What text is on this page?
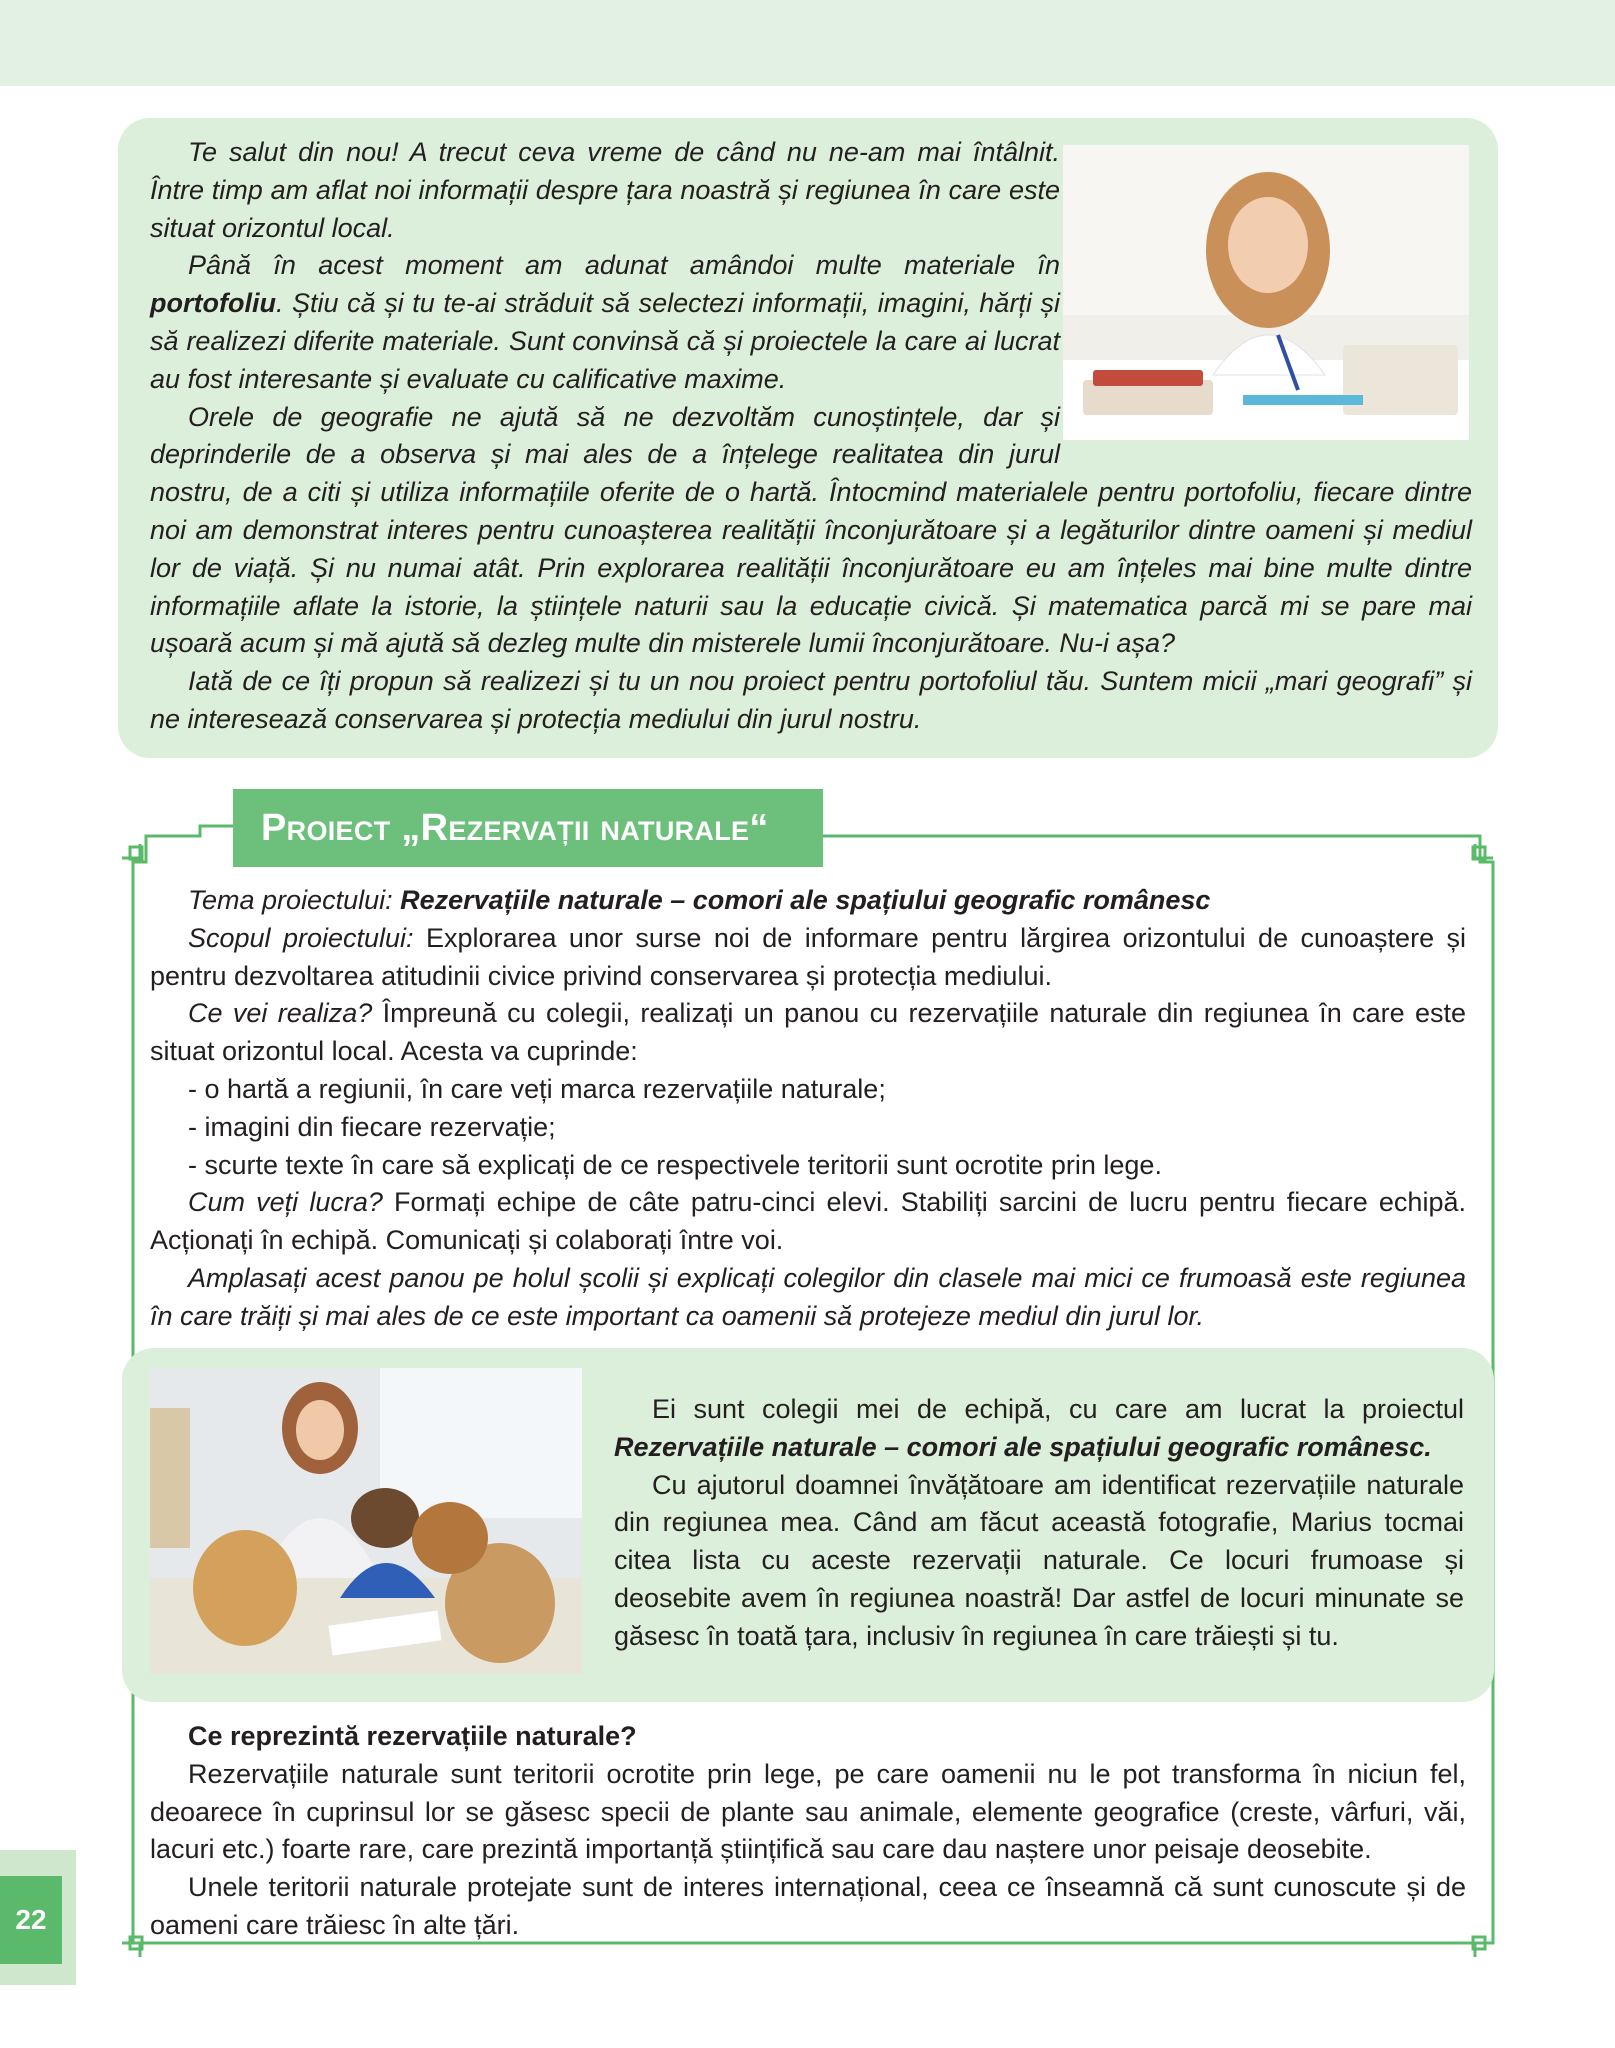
Te salut din nou! A trecut ceva vreme de când nu ne-am mai întâlnit. Între timp am aflat noi informații despre țara noastră și regiunea în care este situat orizontul local.

Până în acest moment am adunat amândoi multe materiale în portofoliu. Știu că și tu te-ai străduit să selectezi informații, imagini, hărți și să realizezi diferite materiale. Sunt convinsă că și proiectele la care ai lucrat au fost interesante și evaluate cu calificative maxime.

Orele de geografie ne ajută să ne dezvoltăm cunoștințele, dar și deprinderile de a observa și mai ales de a înțelege realitatea din jurul nostru, de a citi și utiliza informațiile oferite de o hartă. Întocmind materialele pentru portofoliu, fiecare dintre noi am demonstrat interes pentru cunoașterea realității înconjurătoare și a legăturilor dintre oameni și mediul lor de viață. Și nu numai atât. Prin explorarea realității înconjurătoare eu am înțeles mai bine multe dintre informațiile aflate la istorie, la științele naturii sau la educație civică. Și matematica parcă mi se pare mai ușoară acum și mă ajută să dezleg multe din misterele lumii înconjurătoare. Nu-i așa?

Iată de ce îți propun să realizezi și tu un nou proiect pentru portofoliul tău. Suntem micii „mari geografi” și ne interesează conservarea și protecția mediului din jurul nostru.

Proiect „ Rezervații naturale “

Tema proiectului: Rezervațiile naturale – comori ale spațiului geografic românesc

Scopul proiectului: Explorarea unor surse noi de informare pentru lărgirea orizontului de cunoaștere și pentru dezvoltarea atitudinii civice privind conservarea și protecția mediului.

Ce vei realiza? Împreună cu colegii, realizați un panou cu rezervațiile naturale din regiunea în care este situat orizontul local. Acesta va cuprinde:

- o hartă a regiunii, în care veți marca rezervațiile naturale;

- imagini din fiecare rezervație;

- scurte texte în care să explicați de ce respectivele teritorii sunt ocrotite prin lege.

Cum veți lucra? Formați echipe de câte patru-cinci elevi. Stabiliți sarcini de lucru pentru fiecare echipă. Acționați în echipă. Comunicați și colaborați între voi.

Amplasați acest panou pe holul școlii și explicați colegilor din clasele mai mici ce frumoasă este regiunea în care trăiți și mai ales de ce este important ca oamenii să protejeze mediul din jurul lor.

Ei sunt colegii mei de echipă, cu care am lucrat la proiectul Rezervațiile naturale – comori ale spațiului geografic românesc.

Cu ajutorul doamnei învățătoare am identificat rezervațiile naturale din regiunea mea. Când am făcut această fotografie, Marius tocmai citea lista cu aceste rezervații naturale. Ce locuri frumoase și deosebite avem în regiunea noastră! Dar astfel de locuri minunate se găsesc în toată țara, inclusiv în regiunea în care trăiești și tu.

Ce reprezintă rezervațiile naturale?

Rezervațiile naturale sunt teritorii ocrotite prin lege, pe care oamenii nu le pot transforma în niciun fel, deoarece în cuprinsul lor se găsesc specii de plante sau animale, elemente geografice (creste, vârfuri, văi, lacuri etc.) foarte rare, care prezintă importanță științifică sau care dau naștere unor peisaje deosebite.

Unele teritorii naturale protejate sunt de interes internațional, ceea ce înseamnă că sunt cunoscute și de oameni care trăiesc în alte țări.

22
